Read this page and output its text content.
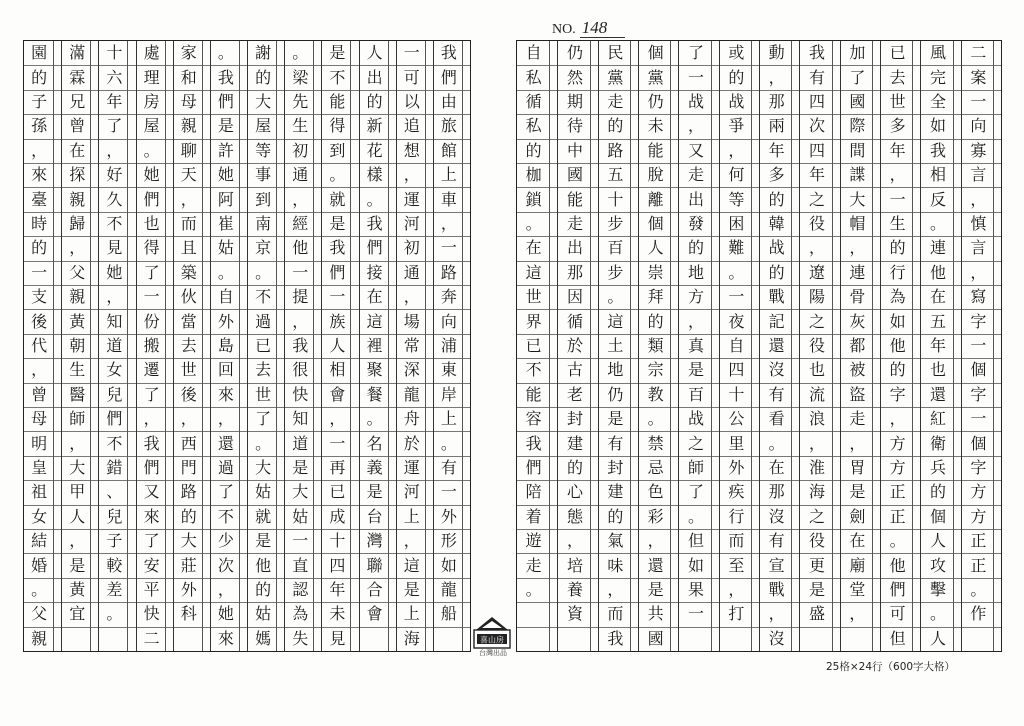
NO. 148
我
們
由
旅
館
上
車
，
一
路
奔
向
浦
東
岸
上
。
有
一
外
形
如
龍
船
一
可
以
追
想
，
運
河
初
通
，
場
常
深
龍
舟
於
運
河
上
，
這
是
上
海
人
出
的
新
花
樣
。
我
們
接
在
這
裡
聚
餐
。
名
義
是
台
灣
聯
合
會
是
不
能
得
到
。
就
是
我
們
一
族
人
相
會
，
一
再
已
成
十
四
年
未
見
。
梁
先
生
初
通
，
經
他
一
提
，
我
很
快
知
道
是
大
姑
一
直
認
為
失
謝
的
大
屋
等
事
到
南
京
。
不
過
已
去
世
了
。
大
姑
就
是
他
的
姑
媽
。
我
們
是
許
她
阿
崔
姑
。
自
外
島
回
來
，
還
過
了
不
少
次
，
她
來
家
和
母
親
聊
天
，
而
且
築
伙
當
去
世
後
，
西
門
路
的
大
莊
外
科
處
理
房
屋
。
她
們
也
得
了
一
份
搬
遷
了
，
我
們
又
來
了
安
平
快
二
十
六
年
了
，
好
久
不
見
她
，
知
道
女
兒
們
不
錯
、
兒
子
較
差
。
滿
霖
兄
曾
在
探
親
歸
，
父
親
黃
朝
生
醫
師
，
大
甲
人
，
是
黃
宜
園
的
子
孫
，
來
臺
時
的
一
支
後
代
，
曾
母
明
皇
祖
女
結
婚
。
父
親
二
案
一
向
寡
言
，
慎
言
，
寫
字
一
個
字
一
個
字
方
方
正
正
。
作
風
完
全
如
我
相
反
。
連
他
在
五
年
也
還
紅
衛
兵
的
個
人
攻
擊
。
人
已
去
世
多
年
，
一
生
的
行
為
如
他
的
字
，
方
方
正
正
。
他
們
可
但
加
了
國
際
間
諜
大
帽
，
連
骨
灰
都
被
盜
走
，
胃
是
劍
在
廟
堂
，
我
有
四
次
四
年
之
役
，
遼
陽
之
役
也
流
浪
，
淮
海
之
役
更
是
盛
動
，
那
兩
年
多
的
韓
战
的
戰
記
還
沒
有
看
。
在
那
沒
有
宣
戰
，
沒
或
的
战
爭
，
何
等
困
難
。
一
夜
自
四
十
公
里
外
疾
行
而
至
，
打
了
一
战
，
又
走
出
發
的
地
方
，
真
是
百
战
之
師
了
。
但
如
果
一
個
黨
仍
未
能
脫
離
個
人
崇
拜
的
類
宗
教
。
禁
忌
色
彩
，
還
是
共
國
民
黨
走
的
路
五
十
步
百
步
。
這
土
地
仍
是
有
封
建
的
氣
味
，
而
我
仍
然
期
待
中
國
能
走
出
那
因
循
於
古
老
封
建
的
心
態
，
培
養
資
自
私
循
私
的
枷
鎖
。
在
這
世
界
已
不
能
容
我
們
陪
着
遊
走
。
喜山房
台灣出品
25格×24行（600字大格）
